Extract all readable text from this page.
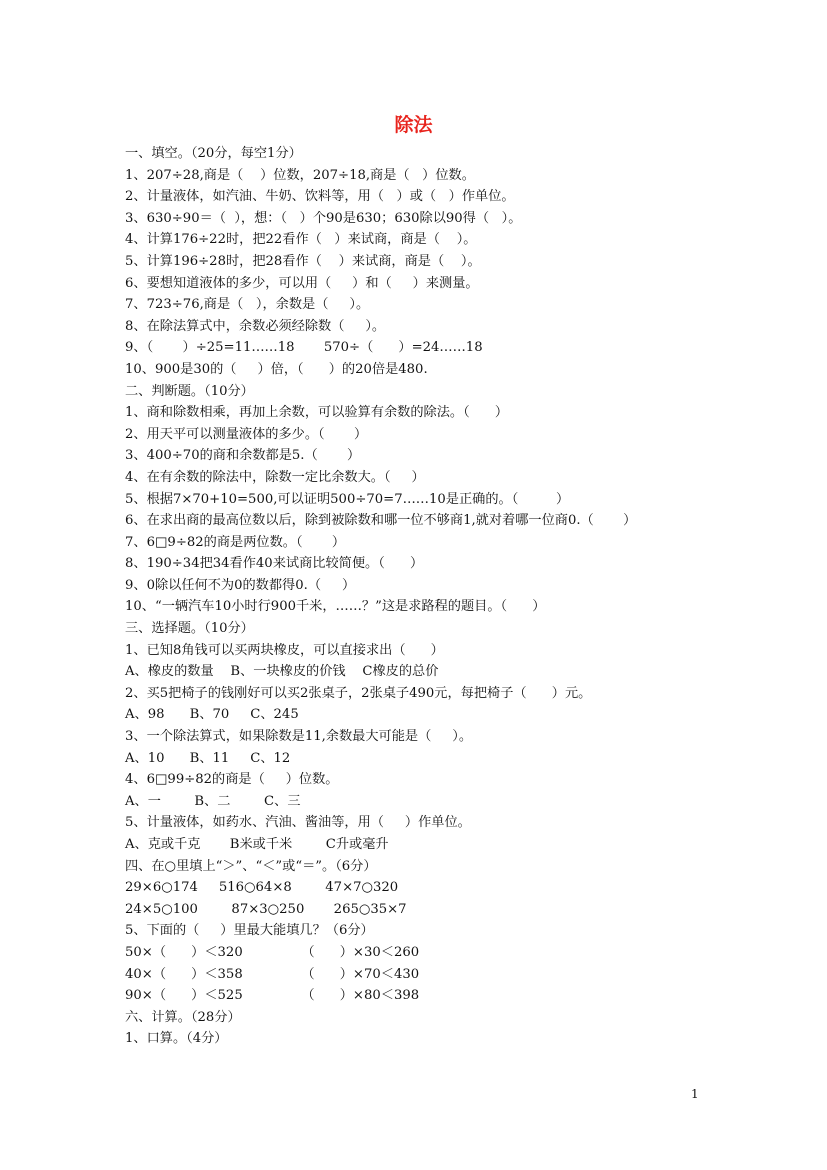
除法
一、填空。（20分，每空1分）
1、207÷28,商是（    ）位数，207÷18,商是（   ）位数。
2、计量液体，如汽油、牛奶、饮料等，用（   ）或（   ）作单位。
3、630÷90＝（  ），想：（   ）个90是630；630除以90得（   ）。
4、计算176÷22时，把22看作（   ）来试商，商是（    ）。
5、计算196÷28时，把28看作（    ）来试商，商是（    ）。
6、要想知道液体的多少，可以用（     ）和（     ）来测量。
7、723÷76,商是（   ），余数是（     ）。
8、在除法算式中，余数必须经除数（     ）。
9、（       ）÷25=11……18       570÷（      ）=24……18
10、900是30的（     ）倍，（      ）的20倍是480.
二、判断题。（10分）
1、商和除数相乘，再加上余数，可以验算有余数的除法。（      ）
2、用天平可以测量液体的多少。（       ）
3、400÷70的商和余数都是5.（       ）
4、在有余数的除法中，除数一定比余数大。（     ）
5、根据7×70+10=500,可以证明500÷70=7……10是正确的。（         ）
6、在求出商的最高位数以后，除到被除数和哪一位不够商1,就对着哪一位商0.（       ）
7、6□9÷82的商是两位数。（       ）
8、190÷34把34看作40来试商比较简便。（      ）
9、0除以任何不为0的数都得0.（     ）
10、“一辆汽车10小时行900千米，……？”这是求路程的题目。（      ）
三、选择题。（10分）
1、已知8角钱可以买两块橡皮，可以直接求出（      ）
A、橡皮的数量    B、一块橡皮的价钱    C橡皮的总价
2、买5把椅子的钱刚好可以买2张桌子，2张桌子490元，每把椅子（      ）元。
A、98      B、70     C、245
3、一个除法算式，如果除数是11,余数最大可能是（     ）。
A、10      B、11     C、12
4、6□99÷82的商是（     ）位数。
A、一        B、二        C、三
5、计量液体，如药水、汽油、酱油等，用（     ）作单位。
A、克或千克       B米或千米        C升或毫升
四、在○里填上“＞”、“＜”或“＝”。（6分）
29×6○174     516○64×8        47×7○320
24×5○100        87×3○250       265○35×7
5、下面的（     ）里最大能填几？（6分）
50×（      ）＜320              （      ）×30＜260
40×（      ）＜358              （      ）×70＜430
90×（      ）＜525              （      ）×80＜398
六、计算。（28分）
1、口算。（4分）
1
